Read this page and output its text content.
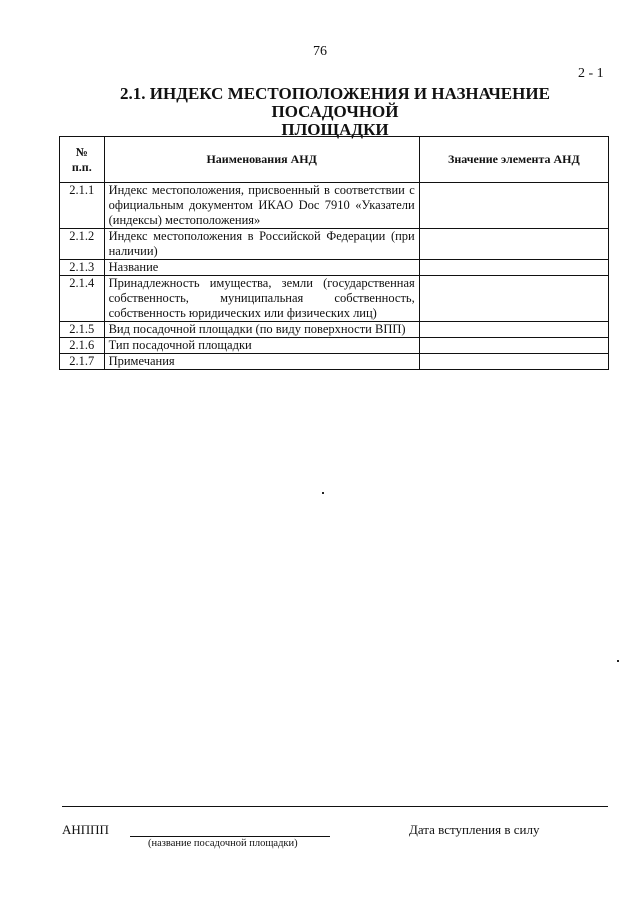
76
2 - 1
2.1. ИНДЕКС МЕСТОПОЛОЖЕНИЯ И НАЗНАЧЕНИЕ ПОСАДОЧНОЙ
ПЛОЩАДКИ
№
п.п.	Наименования АНД	Значение элемента АНД
2.1.1	Индекс местоположения, присвоенный в соответствии с официальным документом ИКАО Doc 7910 «Указатели (индексы) местоположения»	
2.1.2	Индекс местоположения в Российской Федерации (при наличии)	
2.1.3	Название	
2.1.4	Принадлежность имущества, земли (государственная собственность, муниципальная собственность, собственность юридических или физических лиц)	
2.1.5	Вид посадочной площадки (по виду поверхности ВПП)	
2.1.6	Тип посадочной площадки	
2.1.7	Примечания	
АНППП
(название посадочной площадки)
Дата вступления в силу
